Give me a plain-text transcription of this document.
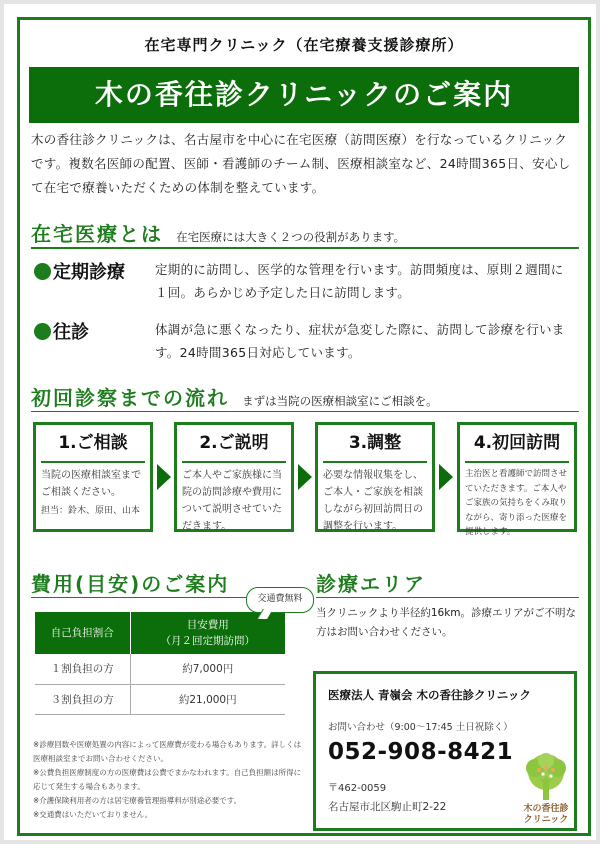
在宅専門クリニック（在宅療養支援診療所）
木の香往診クリニックのご案内

木の香往診クリニックは、名古屋市を中心に在宅医療（訪問医療）を行なっているクリニックです。複数名医師の配置、医師・看護師のチーム制、医療相談室など、24時間365日、安心して在宅で療養いただくための体制を整えています。

在宅医療とは 在宅医療には大きく２つの役割があります。
定期診療 定期的に訪問し、医学的な管理を行います。訪問頻度は、原則２週間に１回。あらかじめ予定した日に訪問します。
往診	体調が急に悪くなったり、症状が急変した際に、訪問して診療を行います。24時間365日対応しています。
初回診察までの流れ まずは当院の医療相談室にご相談を。
1.ご相談
当院の医療相談室までご相談ください。
担当：鈴木、原田、山本
2.ご説明
ご本人やご家族様に当院の訪問診療や費用について説明させていただきます。
3.調整
必要な情報収集をし、ご本人・ご家族を相談しながら初回訪問日の調整を行います。
4.初回訪問
主治医と看護師で訪問させていただきます。ご本人やご家族の気持ちをくみ取りながら、寄り添った医療を提供します。
費用(目安)のご案内
交通費無料
自己負担割合	目安費用
（月２回定期訪問）
１割負担の方	約7,000円
３割負担の方	約21,000円
※診療回数や医療処置の内容によって医療費が変わる場合もあります。詳しくは医療相談室までお問い合わせください。
※公費負担医療制度の方の医療費は公費でまかなわれます。自己負担額は所得に応じて発生する場合もあります。
※介護保険利用者の方は居宅療養管理指導料が別途必要です。
※交通費はいただいておりません。
診療エリア

当クリニックより半径約16km。診療エリアがご不明な方はお問い合わせください。

医療法人 青嶺会 木の香往診クリニック
お問い合わせ（9:00〜17:45 土日祝除く）
052-908-8421
〒462-0059
名古屋市北区駒止町2-22	木の香往診
クリニック
